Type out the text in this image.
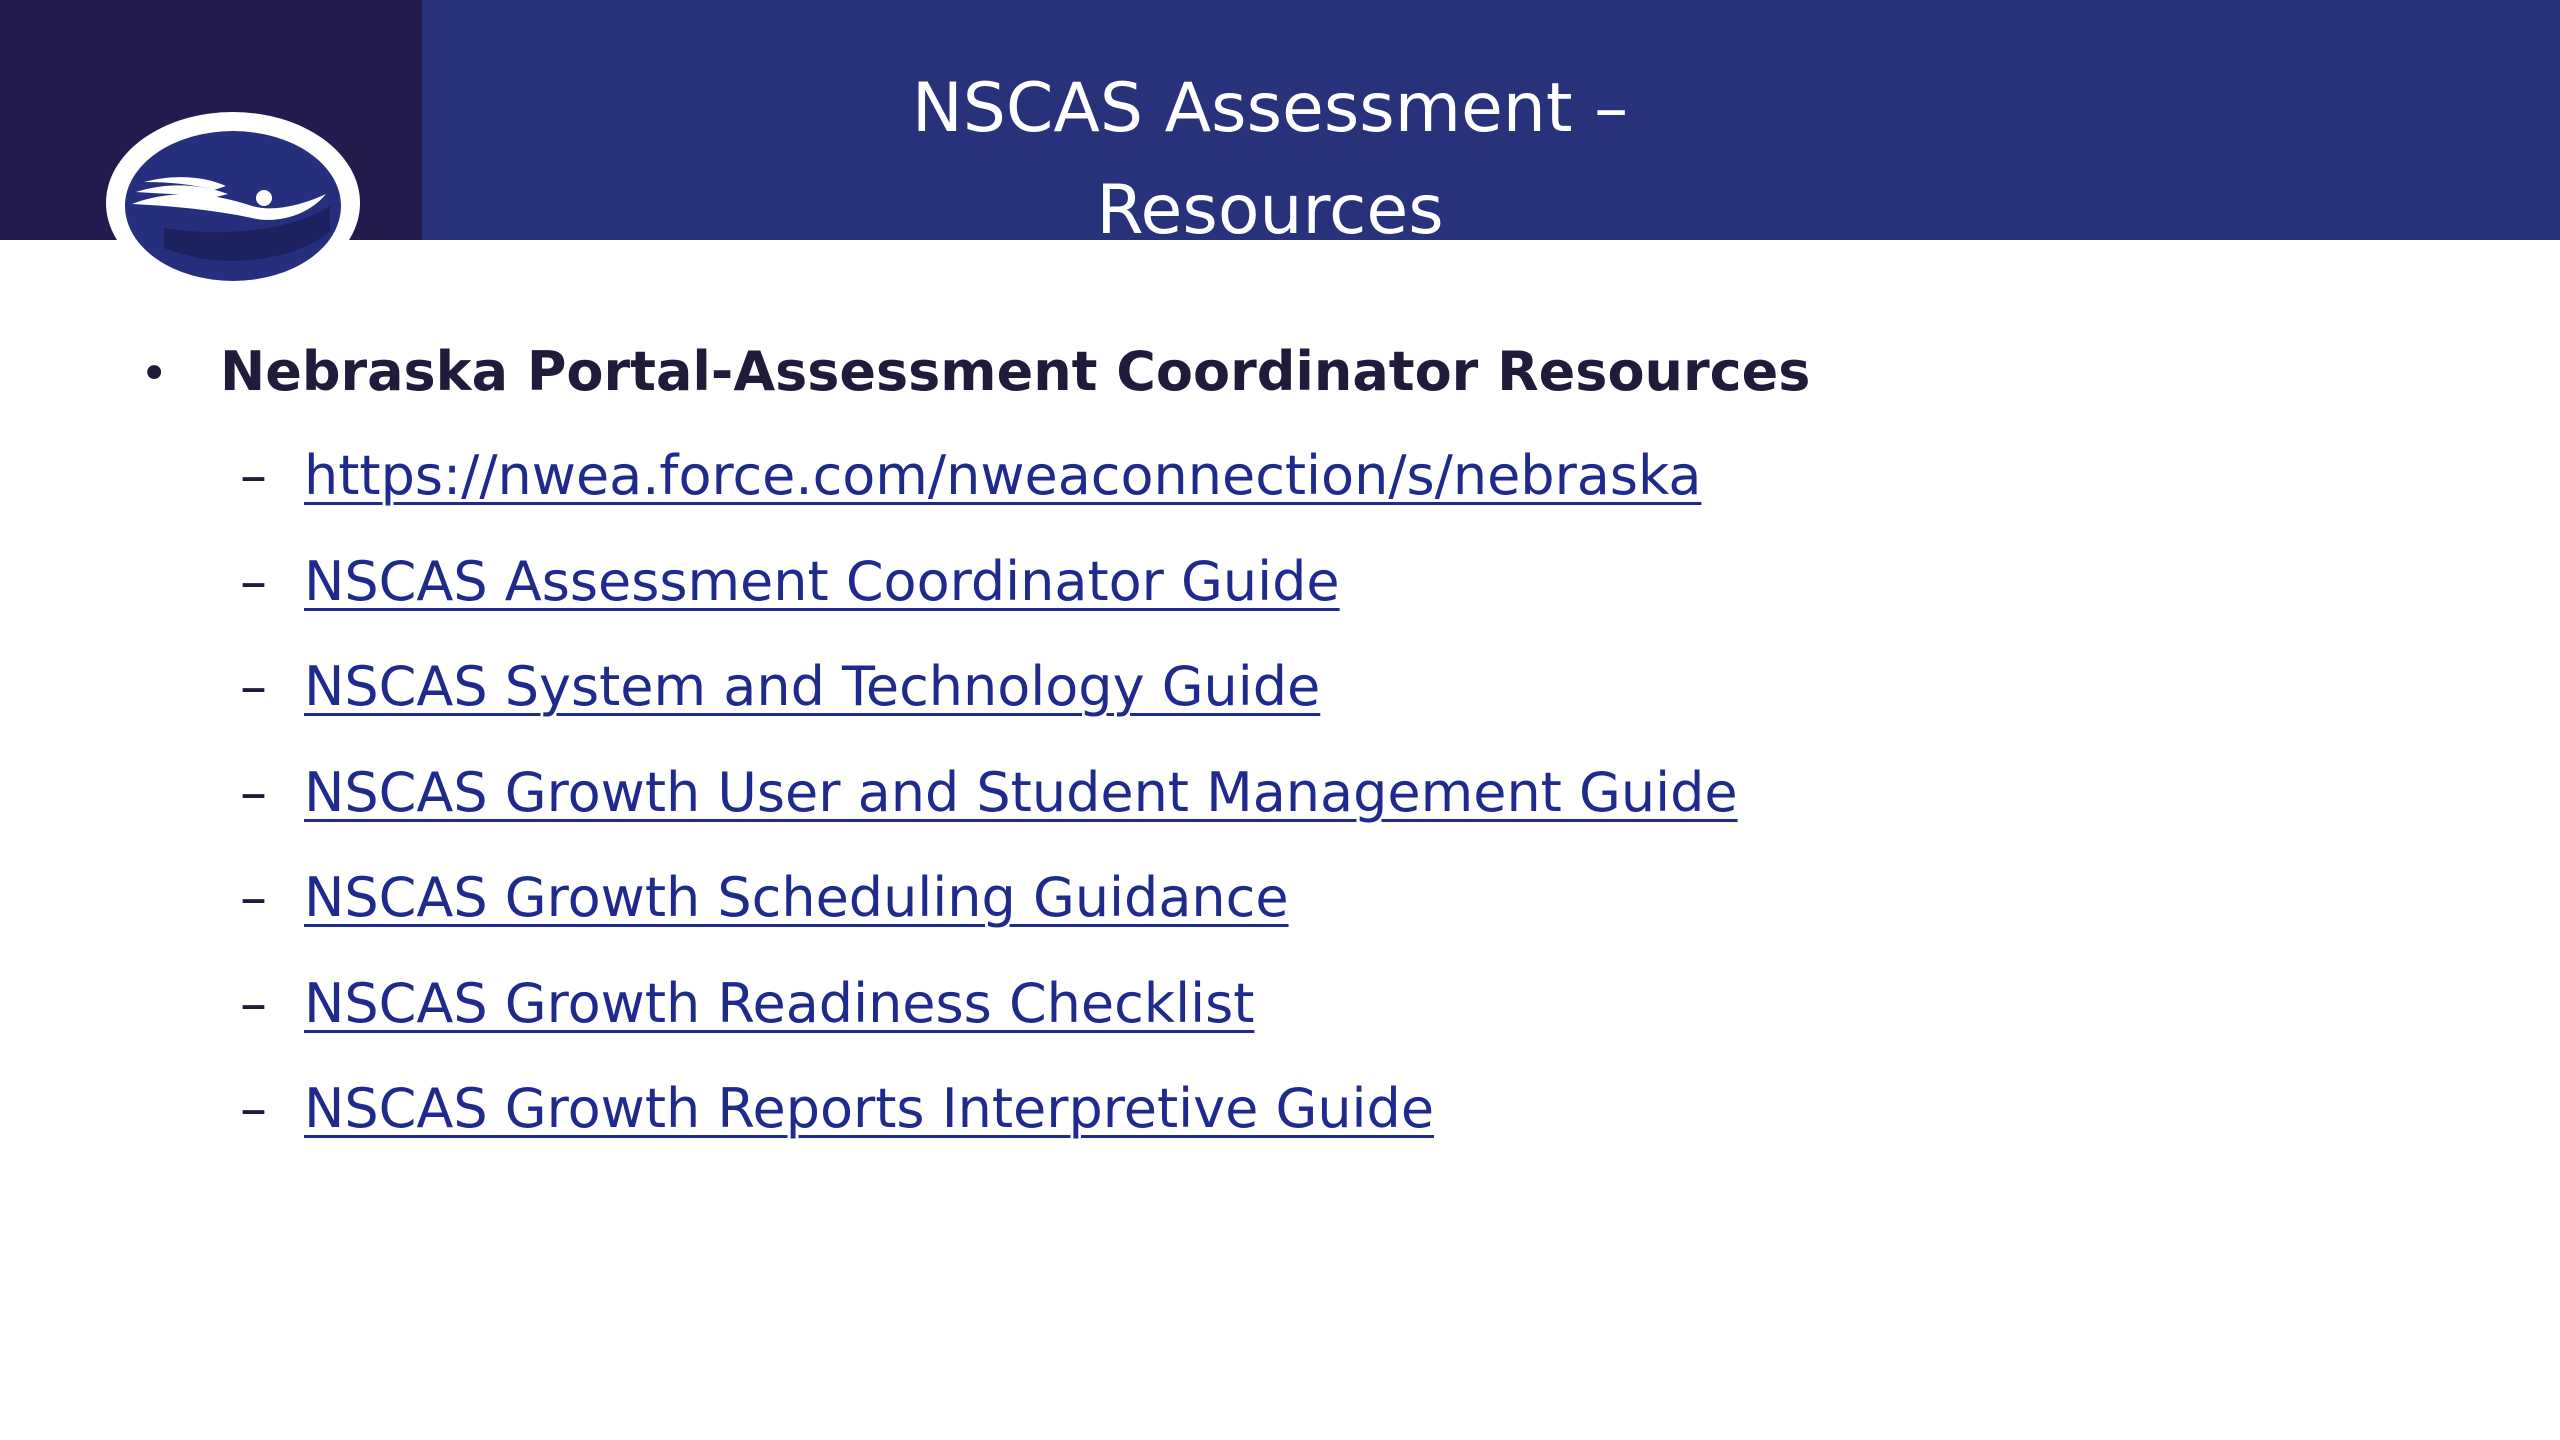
NSCAS Assessment –
Resources
• Nebraska Portal-Assessment Coordinator Resources
– https://nwea.force.com/nweaconnection/s/nebraska
– NSCAS Assessment Coordinator Guide
– NSCAS System and Technology Guide
– NSCAS Growth User and Student Management Guide
– NSCAS Growth Scheduling Guidance
– NSCAS Growth Readiness Checklist
– NSCAS Growth Reports Interpretive Guide
